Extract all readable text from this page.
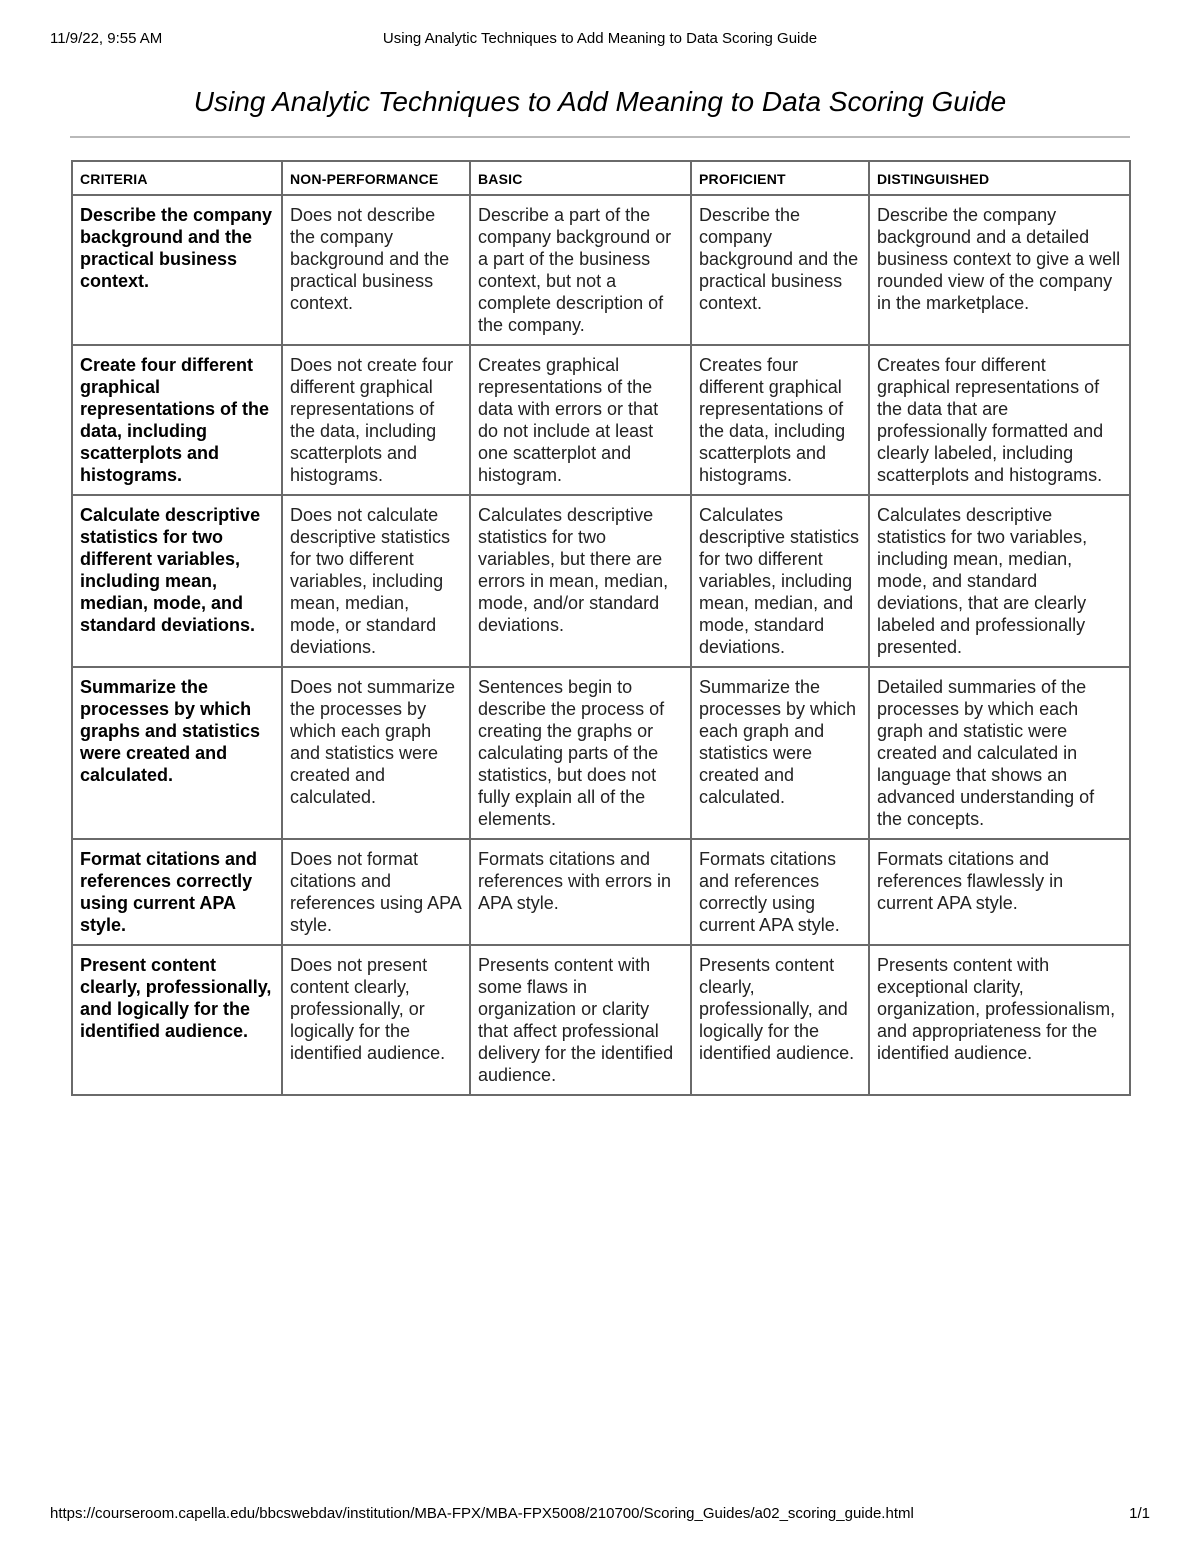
11/9/22, 9:55 AM	Using Analytic Techniques to Add Meaning to Data Scoring Guide
Using Analytic Techniques to Add Meaning to Data Scoring Guide
CRITERIA	NON-PERFORMANCE	BASIC	PROFICIENT	DISTINGUISHED
Describe the company background and the practical business context.	Does not describe the company background and the practical business context.	Describe a part of the company background or a part of the business context, but not a complete description of the company.	Describe the company background and the practical business context.	Describe the company background and a detailed business context to give a well rounded view of the company in the marketplace.
Create four different graphical representations of the data, including scatterplots and histograms.	Does not create four different graphical representations of the data, including scatterplots and histograms.	Creates graphical representations of the data with errors or that do not include at least one scatterplot and histogram.	Creates four different graphical representations of the data, including scatterplots and histograms.	Creates four different graphical representations of the data that are professionally formatted and clearly labeled, including scatterplots and histograms.
Calculate descriptive statistics for two different variables, including mean, median, mode, and standard deviations.	Does not calculate descriptive statistics for two different variables, including mean, median, mode, or standard deviations.	Calculates descriptive statistics for two variables, but there are errors in mean, median, mode, and/or standard deviations.	Calculates descriptive statistics for two different variables, including mean, median, and mode, standard deviations.	Calculates descriptive statistics for two variables, including mean, median, mode, and standard deviations, that are clearly labeled and professionally presented.
Summarize the processes by which graphs and statistics were created and calculated.	Does not summarize the processes by which each graph and statistics were created and calculated.	Sentences begin to describe the process of creating the graphs or calculating parts of the statistics, but does not fully explain all of the elements.	Summarize the processes by which each graph and statistics were created and calculated.	Detailed summaries of the processes by which each graph and statistic were created and calculated in language that shows an advanced understanding of the concepts.
Format citations and references correctly using current APA style.	Does not format citations and references using APA style.	Formats citations and references with errors in APA style.	Formats citations and references correctly using current APA style.	Formats citations and references flawlessly in current APA style.
Present content clearly, professionally, and logically for the identified audience.	Does not present content clearly, professionally, or logically for the identified audience.	Presents content with some flaws in organization or clarity that affect professional delivery for the identified audience.	Presents content clearly, professionally, and logically for the identified audience.	Presents content with exceptional clarity, organization, professionalism, and appropriateness for the identified audience.
https://courseroom.capella.edu/bbcswebdav/institution/MBA-FPX/MBA-FPX5008/210700/Scoring_Guides/a02_scoring_guide.html	1/1
